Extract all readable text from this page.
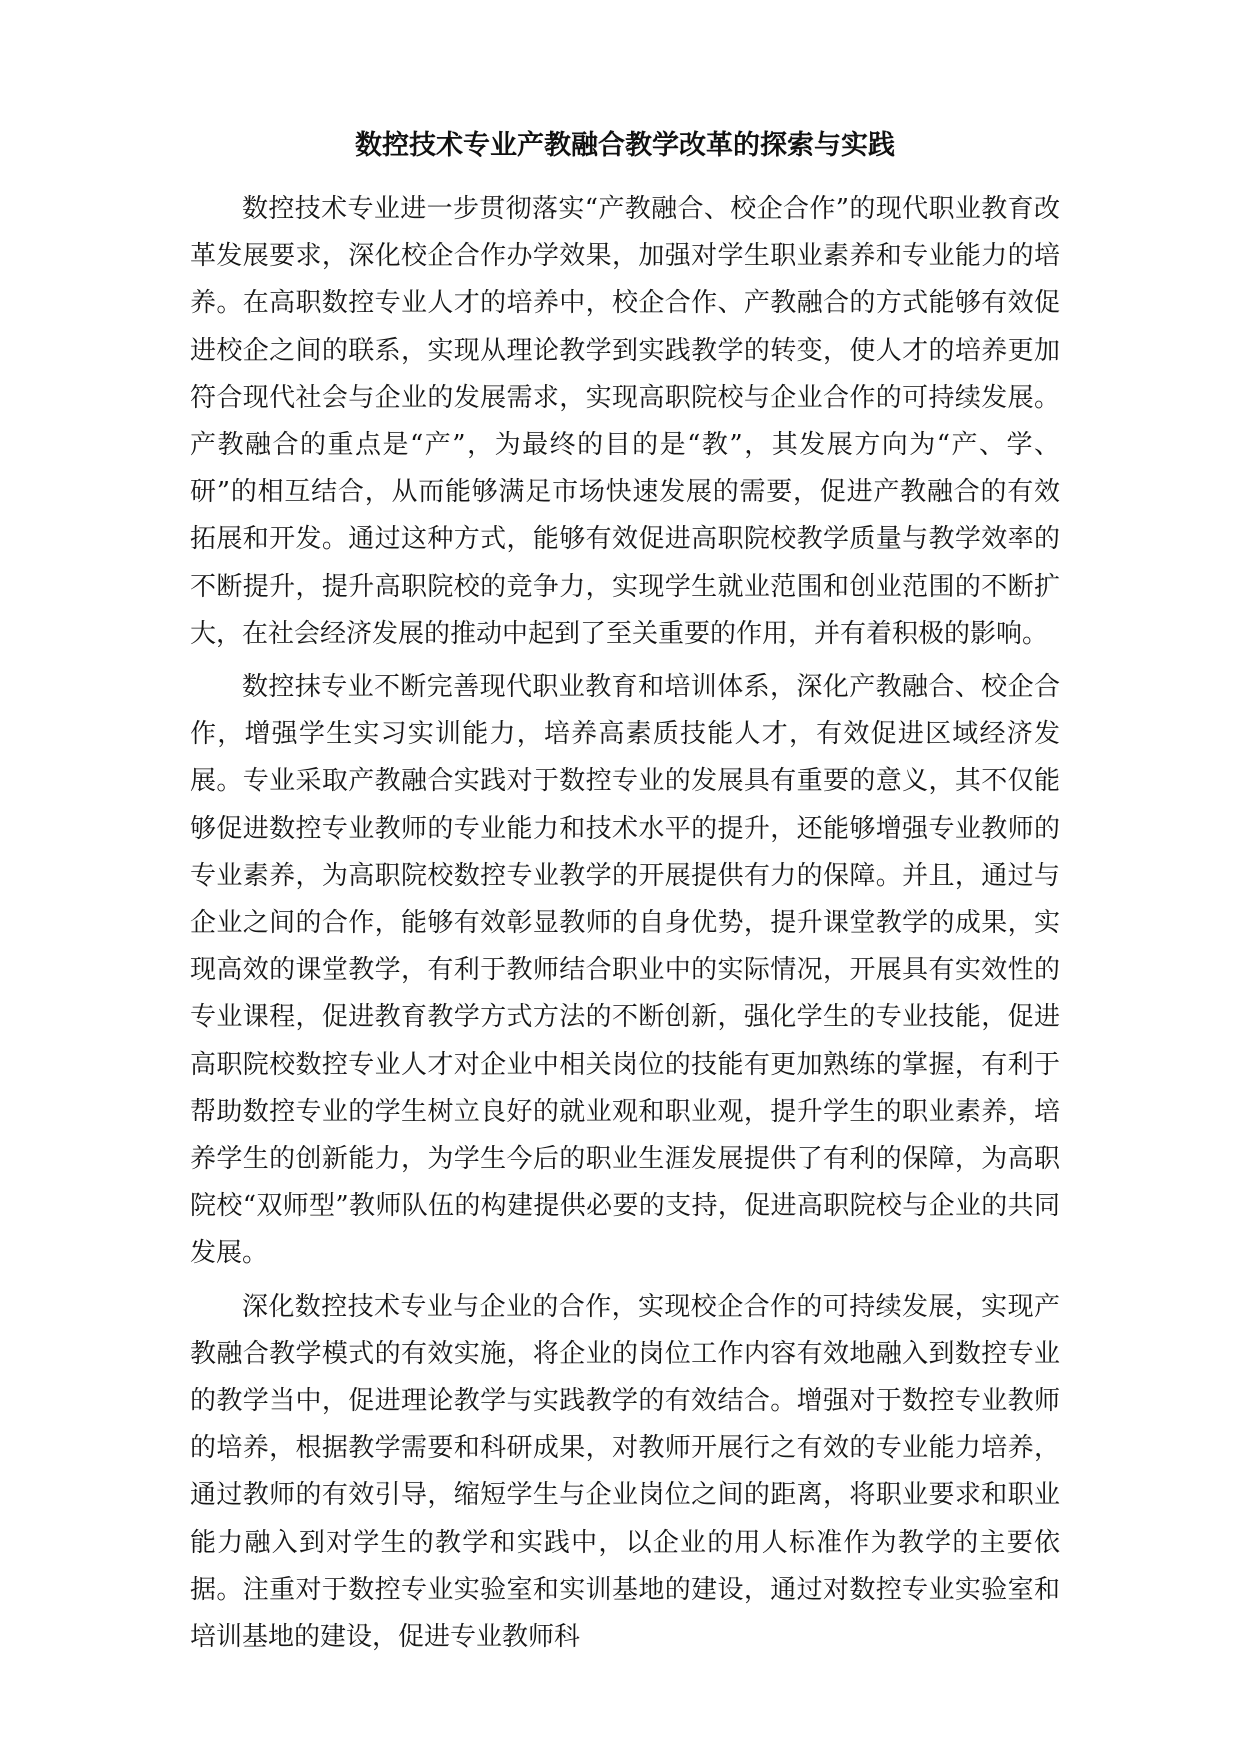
数控技术专业产教融合教学改革的探索与实践

数控技术专业进一步贯彻落实“产教融合、校企合作”的现代职业教育改革发展要求，深化校企合作办学效果，加强对学生职业素养和专业能力的培养。在高职数控专业人才的培养中，校企合作、产教融合的方式能够有效促进校企之间的联系，实现从理论教学到实践教学的转变，使人才的培养更加符合现代社会与企业的发展需求，实现高职院校与企业合作的可持续发展。产教融合的重点是“产”，为最终的目的是“教”，其发展方向为“产、学、研”的相互结合，从而能够满足市场快速发展的需要，促进产教融合的有效拓展和开发。通过这种方式，能够有效促进高职院校教学质量与教学效率的不断提升，提升高职院校的竞争力，实现学生就业范围和创业范围的不断扩大，在社会经济发展的推动中起到了至关重要的作用，并有着积极的影响。

数控抹专业不断完善现代职业教育和培训体系，深化产教融合、校企合作，增强学生实习实训能力，培养高素质技能人才，有效促进区域经济发展。专业采取产教融合实践对于数控专业的发展具有重要的意义，其不仅能够促进数控专业教师的专业能力和技术水平的提升，还能够增强专业教师的专业素养，为高职院校数控专业教学的开展提供有力的保障。并且，通过与企业之间的合作，能够有效彰显教师的自身优势，提升课堂教学的成果，实现高效的课堂教学，有利于教师结合职业中的实际情况，开展具有实效性的专业课程，促进教育教学方式方法的不断创新，强化学生的专业技能，促进高职院校数控专业人才对企业中相关岗位的技能有更加熟练的掌握，有利于帮助数控专业的学生树立良好的就业观和职业观，提升学生的职业素养，培养学生的创新能力，为学生今后的职业生涯发展提供了有利的保障，为高职院校“双师型”教师队伍的构建提供必要的支持，促进高职院校与企业的共同发展。

深化数控技术专业与企业的合作，实现校企合作的可持续发展，实现产教融合教学模式的有效实施，将企业的岗位工作内容有效地融入到数控专业的教学当中，促进理论教学与实践教学的有效结合。增强对于数控专业教师的培养，根据教学需要和科研成果，对教师开展行之有效的专业能力培养，通过教师的有效引导，缩短学生与企业岗位之间的距离，将职业要求和职业能力融入到对学生的教学和实践中，以企业的用人标准作为教学的主要依据。注重对于数控专业实验室和实训基地的建设，通过对数控专业实验室和培训基地的建设，促进专业教师科
